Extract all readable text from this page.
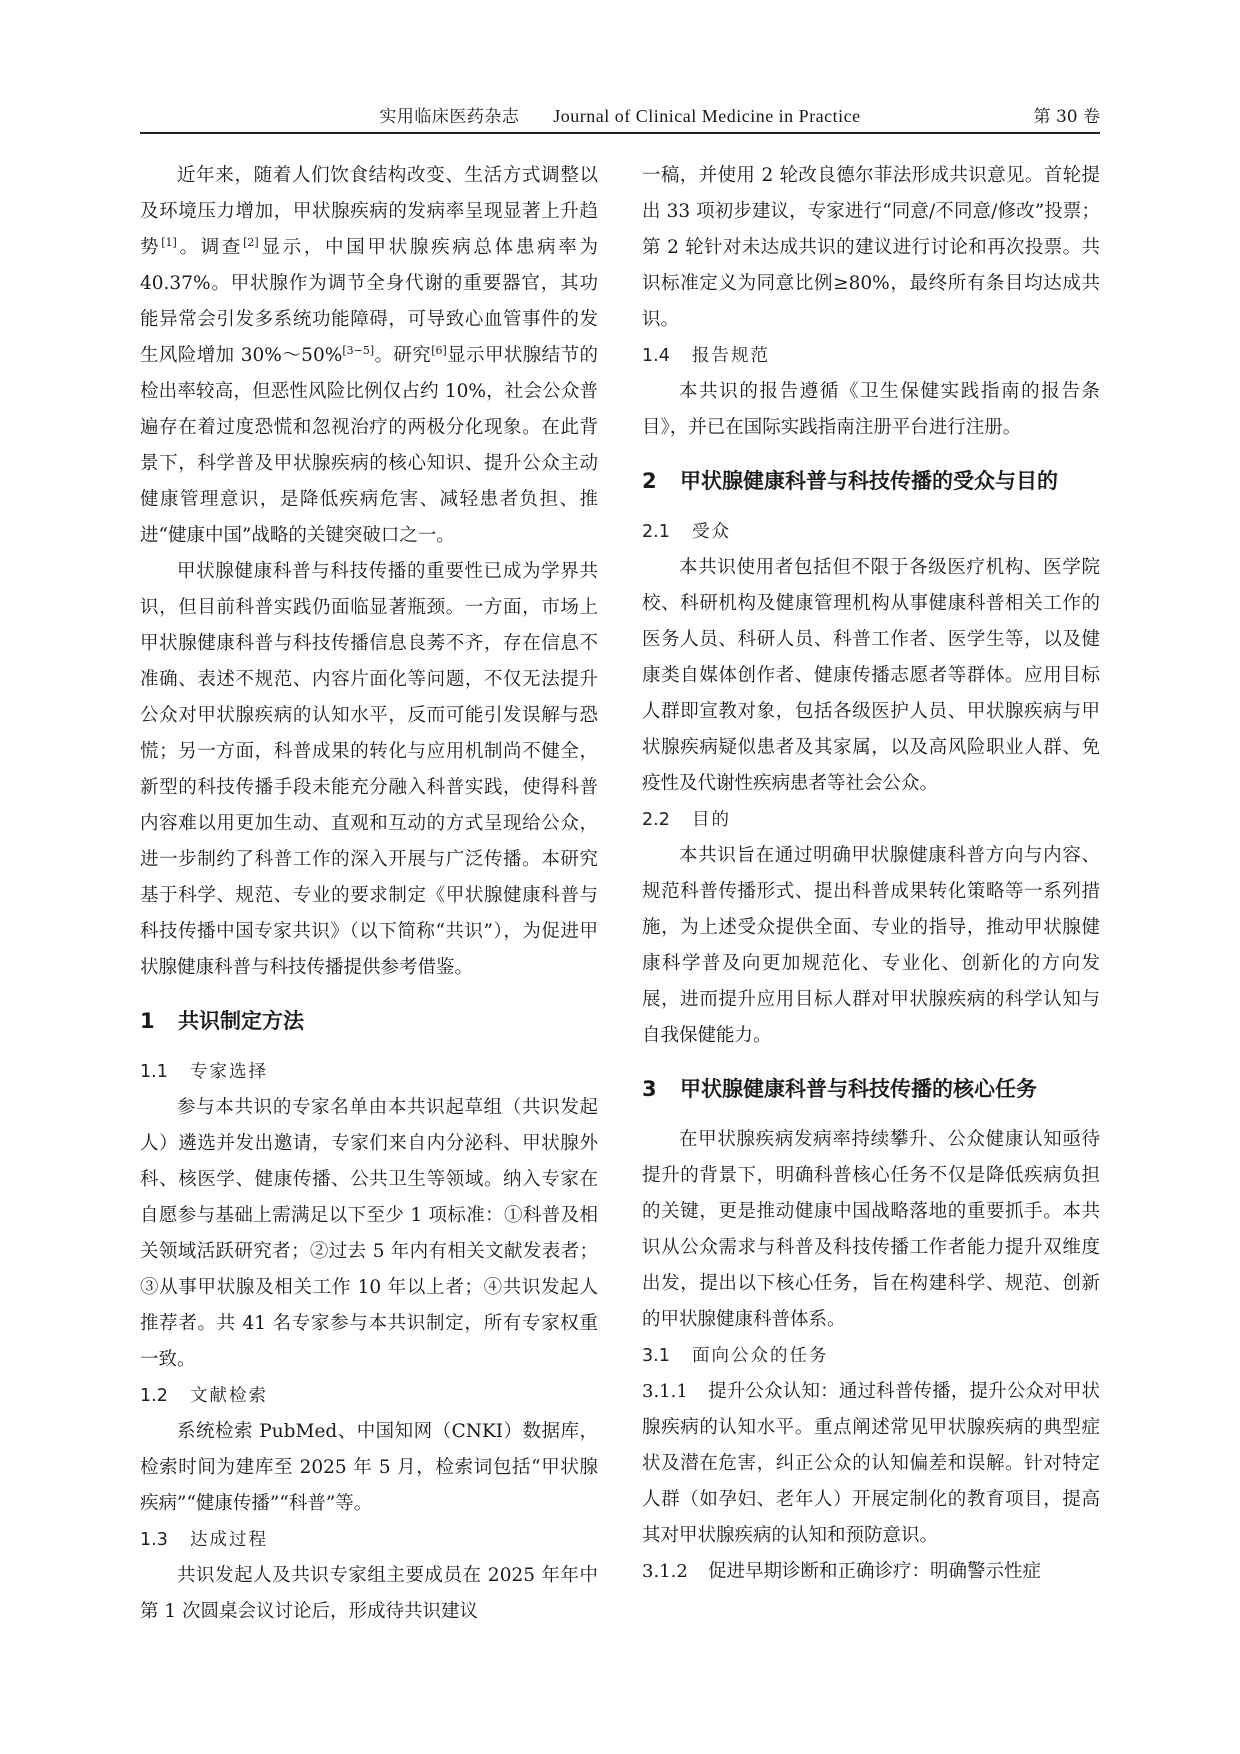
实用临床医药杂志 Journal of Clinical Medicine in Practice	第 30 卷

近年来，随着人们饮食结构改变、生活方式调整以及环境压力增加，甲状腺疾病的发病率呈现显著上升趋势[1]。调查[2]显示，中国甲状腺疾病总体患病率为 40.37%。甲状腺作为调节全身代谢的重要器官，其功能异常会引发多系统功能障碍，可导致心血管事件的发生风险增加 30%～50%[3−5]。研究[6]显示甲状腺结节的检出率较高，但恶性风险比例仅占约 10%，社会公众普遍存在着过度恐慌和忽视治疗的两极分化现象。在此背景下，科学普及甲状腺疾病的核心知识、提升公众主动健康管理意识，是降低疾病危害、减轻患者负担、推进“健康中国”战略的关键突破口之一。

甲状腺健康科普与科技传播的重要性已成为学界共识，但目前科普实践仍面临显著瓶颈。一方面，市场上甲状腺健康科普与科技传播信息良莠不齐，存在信息不准确、表述不规范、内容片面化等问题，不仅无法提升公众对甲状腺疾病的认知水平，反而可能引发误解与恐慌；另一方面，科普成果的转化与应用机制尚不健全，新型的科技传播手段未能充分融入科普实践，使得科普内容难以用更加生动、直观和互动的方式呈现给公众，进一步制约了科普工作的深入开展与广泛传播。本研究基于科学、规范、专业的要求制定《甲状腺健康科普与科技传播中国专家共识》（以下简称“共识”），为促进甲状腺健康科普与科技传播提供参考借鉴。

1	共识制定方法
1.1 专家选择

参与本共识的专家名单由本共识起草组（共识发起人）遴选并发出邀请，专家们来自内分泌科、甲状腺外科、核医学、健康传播、公共卫生等领域。纳入专家在自愿参与基础上需满足以下至少 1 项标准：①科普及相关领域活跃研究者；②过去 5 年内有相关文献发表者；③从事甲状腺及相关工作 10 年以上者；④共识发起人推荐者。共 41 名专家参与本共识制定，所有专家权重一致。

1.2 文献检索

系统检索 PubMed、中国知网（CNKI）数据库，检索时间为建库至 2025 年 5 月，检索词包括“甲状腺疾病”“健康传播”“科普”等。

1.3 达成过程

共识发起人及共识专家组主要成员在 2025 年年中第 1 次圆桌会议讨论后，形成待共识建议

一稿，并使用 2 轮改良德尔菲法形成共识意见。首轮提出 33 项初步建议，专家进行“同意/不同意/修改”投票；第 2 轮针对未达成共识的建议进行讨论和再次投票。共识标准定义为同意比例≥80%，最终所有条目均达成共识。

1.4 报告规范

本共识的报告遵循《卫生保健实践指南的报告条目》，并已在国际实践指南注册平台进行注册。

2	甲状腺健康科普与科技传播的受众与目的
2.1 受众

本共识使用者包括但不限于各级医疗机构、医学院校、科研机构及健康管理机构从事健康科普相关工作的医务人员、科研人员、科普工作者、医学生等，以及健康类自媒体创作者、健康传播志愿者等群体。应用目标人群即宣教对象，包括各级医护人员、甲状腺疾病与甲状腺疾病疑似患者及其家属，以及高风险职业人群、免疫性及代谢性疾病患者等社会公众。

2.2 目的

本共识旨在通过明确甲状腺健康科普方向与内容、规范科普传播形式、提出科普成果转化策略等一系列措施，为上述受众提供全面、专业的指导，推动甲状腺健康科学普及向更加规范化、专业化、创新化的方向发展，进而提升应用目标人群对甲状腺疾病的科学认知与自我保健能力。

3	甲状腺健康科普与科技传播的核心任务

在甲状腺疾病发病率持续攀升、公众健康认知亟待提升的背景下，明确科普核心任务不仅是降低疾病负担的关键，更是推动健康中国战略落地的重要抓手。本共识从公众需求与科普及科技传播工作者能力提升双维度出发，提出以下核心任务，旨在构建科学、规范、创新的甲状腺健康科普体系。

3.1 面向公众的任务

3.1.1 提升公众认知：通过科普传播，提升公众对甲状腺疾病的认知水平。重点阐述常见甲状腺疾病的典型症状及潜在危害，纠正公众的认知偏差和误解。针对特定人群（如孕妇、老年人）开展定制化的教育项目，提高其对甲状腺疾病的认知和预防意识。

3.1.2 促进早期诊断和正确诊疗：明确警示性症
